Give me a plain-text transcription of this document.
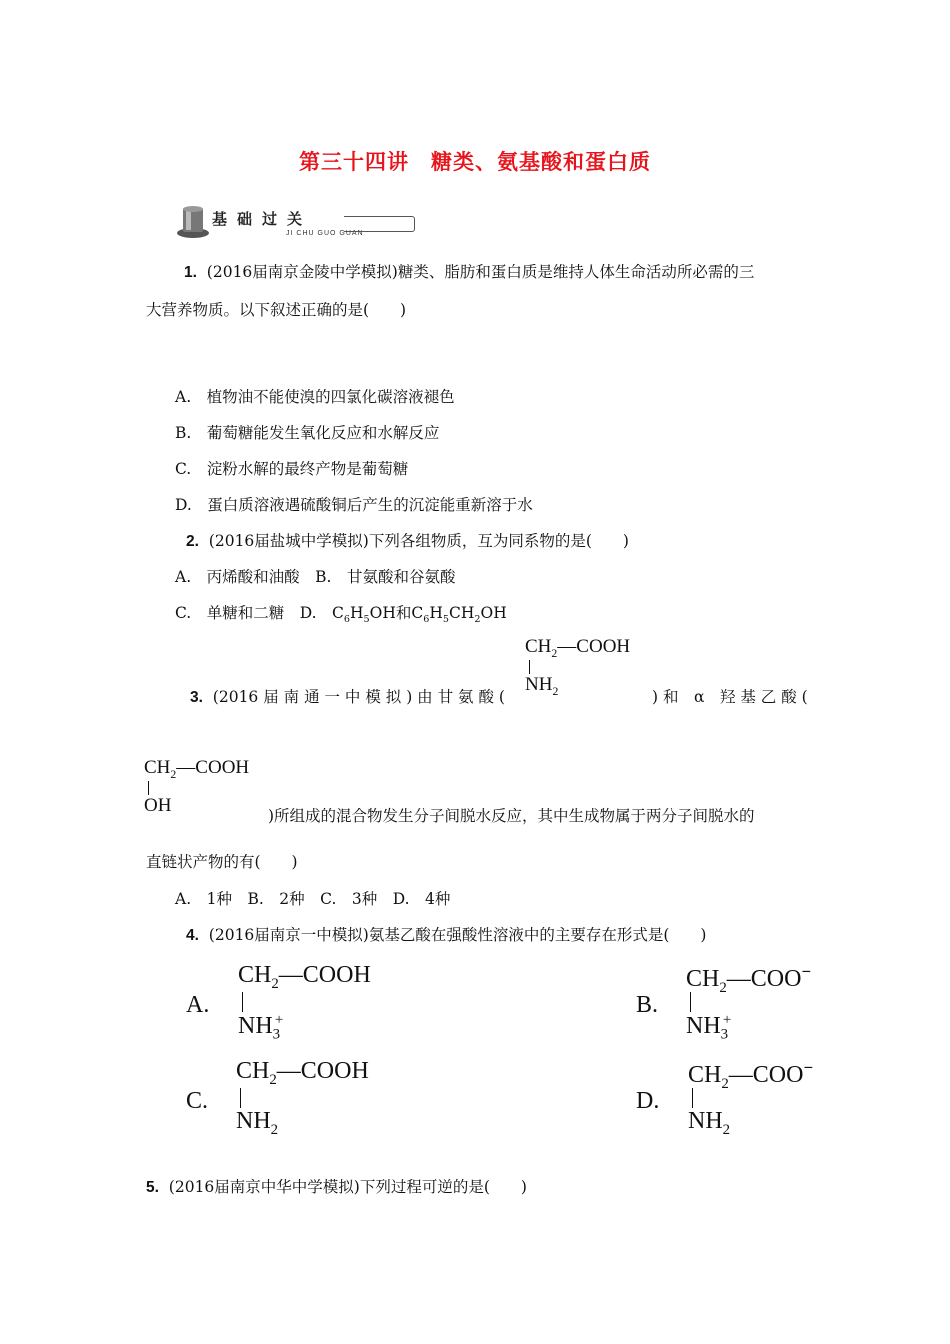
第三十四讲　糖类、氨基酸和蛋白质
基础过关
JI CHU GUO GUAN
1. (2016届南京金陵中学模拟)糖类、脂肪和蛋白质是维持人体生命活动所必需的三
大营养物质。以下叙述正确的是(　　)
A.　植物油不能使溴的四氯化碳溶液褪色
B.　葡萄糖能发生氧化反应和水解反应
C.　淀粉水解的最终产物是葡萄糖
D.　蛋白质溶液遇硫酸铜后产生的沉淀能重新溶于水
2. (2016届盐城中学模拟)下列各组物质，互为同系物的是(　　)
A.　丙烯酸和油酸　B.　甘氨酸和谷氨酸
C.　单糖和二糖　D.　$C_6H_5OH$和$C_6H_5CH_2OH$
$CH_2—COOH$
$NH_2$
3. (2016 届 南 通 一 中 模 拟 ) 由 甘 氨 酸 (	) 和　α　羟 基 乙 酸 (
$CH_2—COOH$
OH	)所组成的混合物发生分子间脱水反应，其中生成物属于两分子间脱水的
直链状产物的有(　　)
A.　1种　B.　2种　C.　3种　D.　4种
4. (2016届南京一中模拟)氨基乙酸在强酸性溶液中的主要存在形式是(　　)
A.
$CH_2—COOH$
$NH_3^+$
B.
$CH_2—COO^-$
$NH_3^+$
C.
$CH_2—COOH$
$NH_2$
D.
$CH_2—COO^-$
$NH_2$
5. (2016届南京中华中学模拟)下列过程可逆的是(　　)
